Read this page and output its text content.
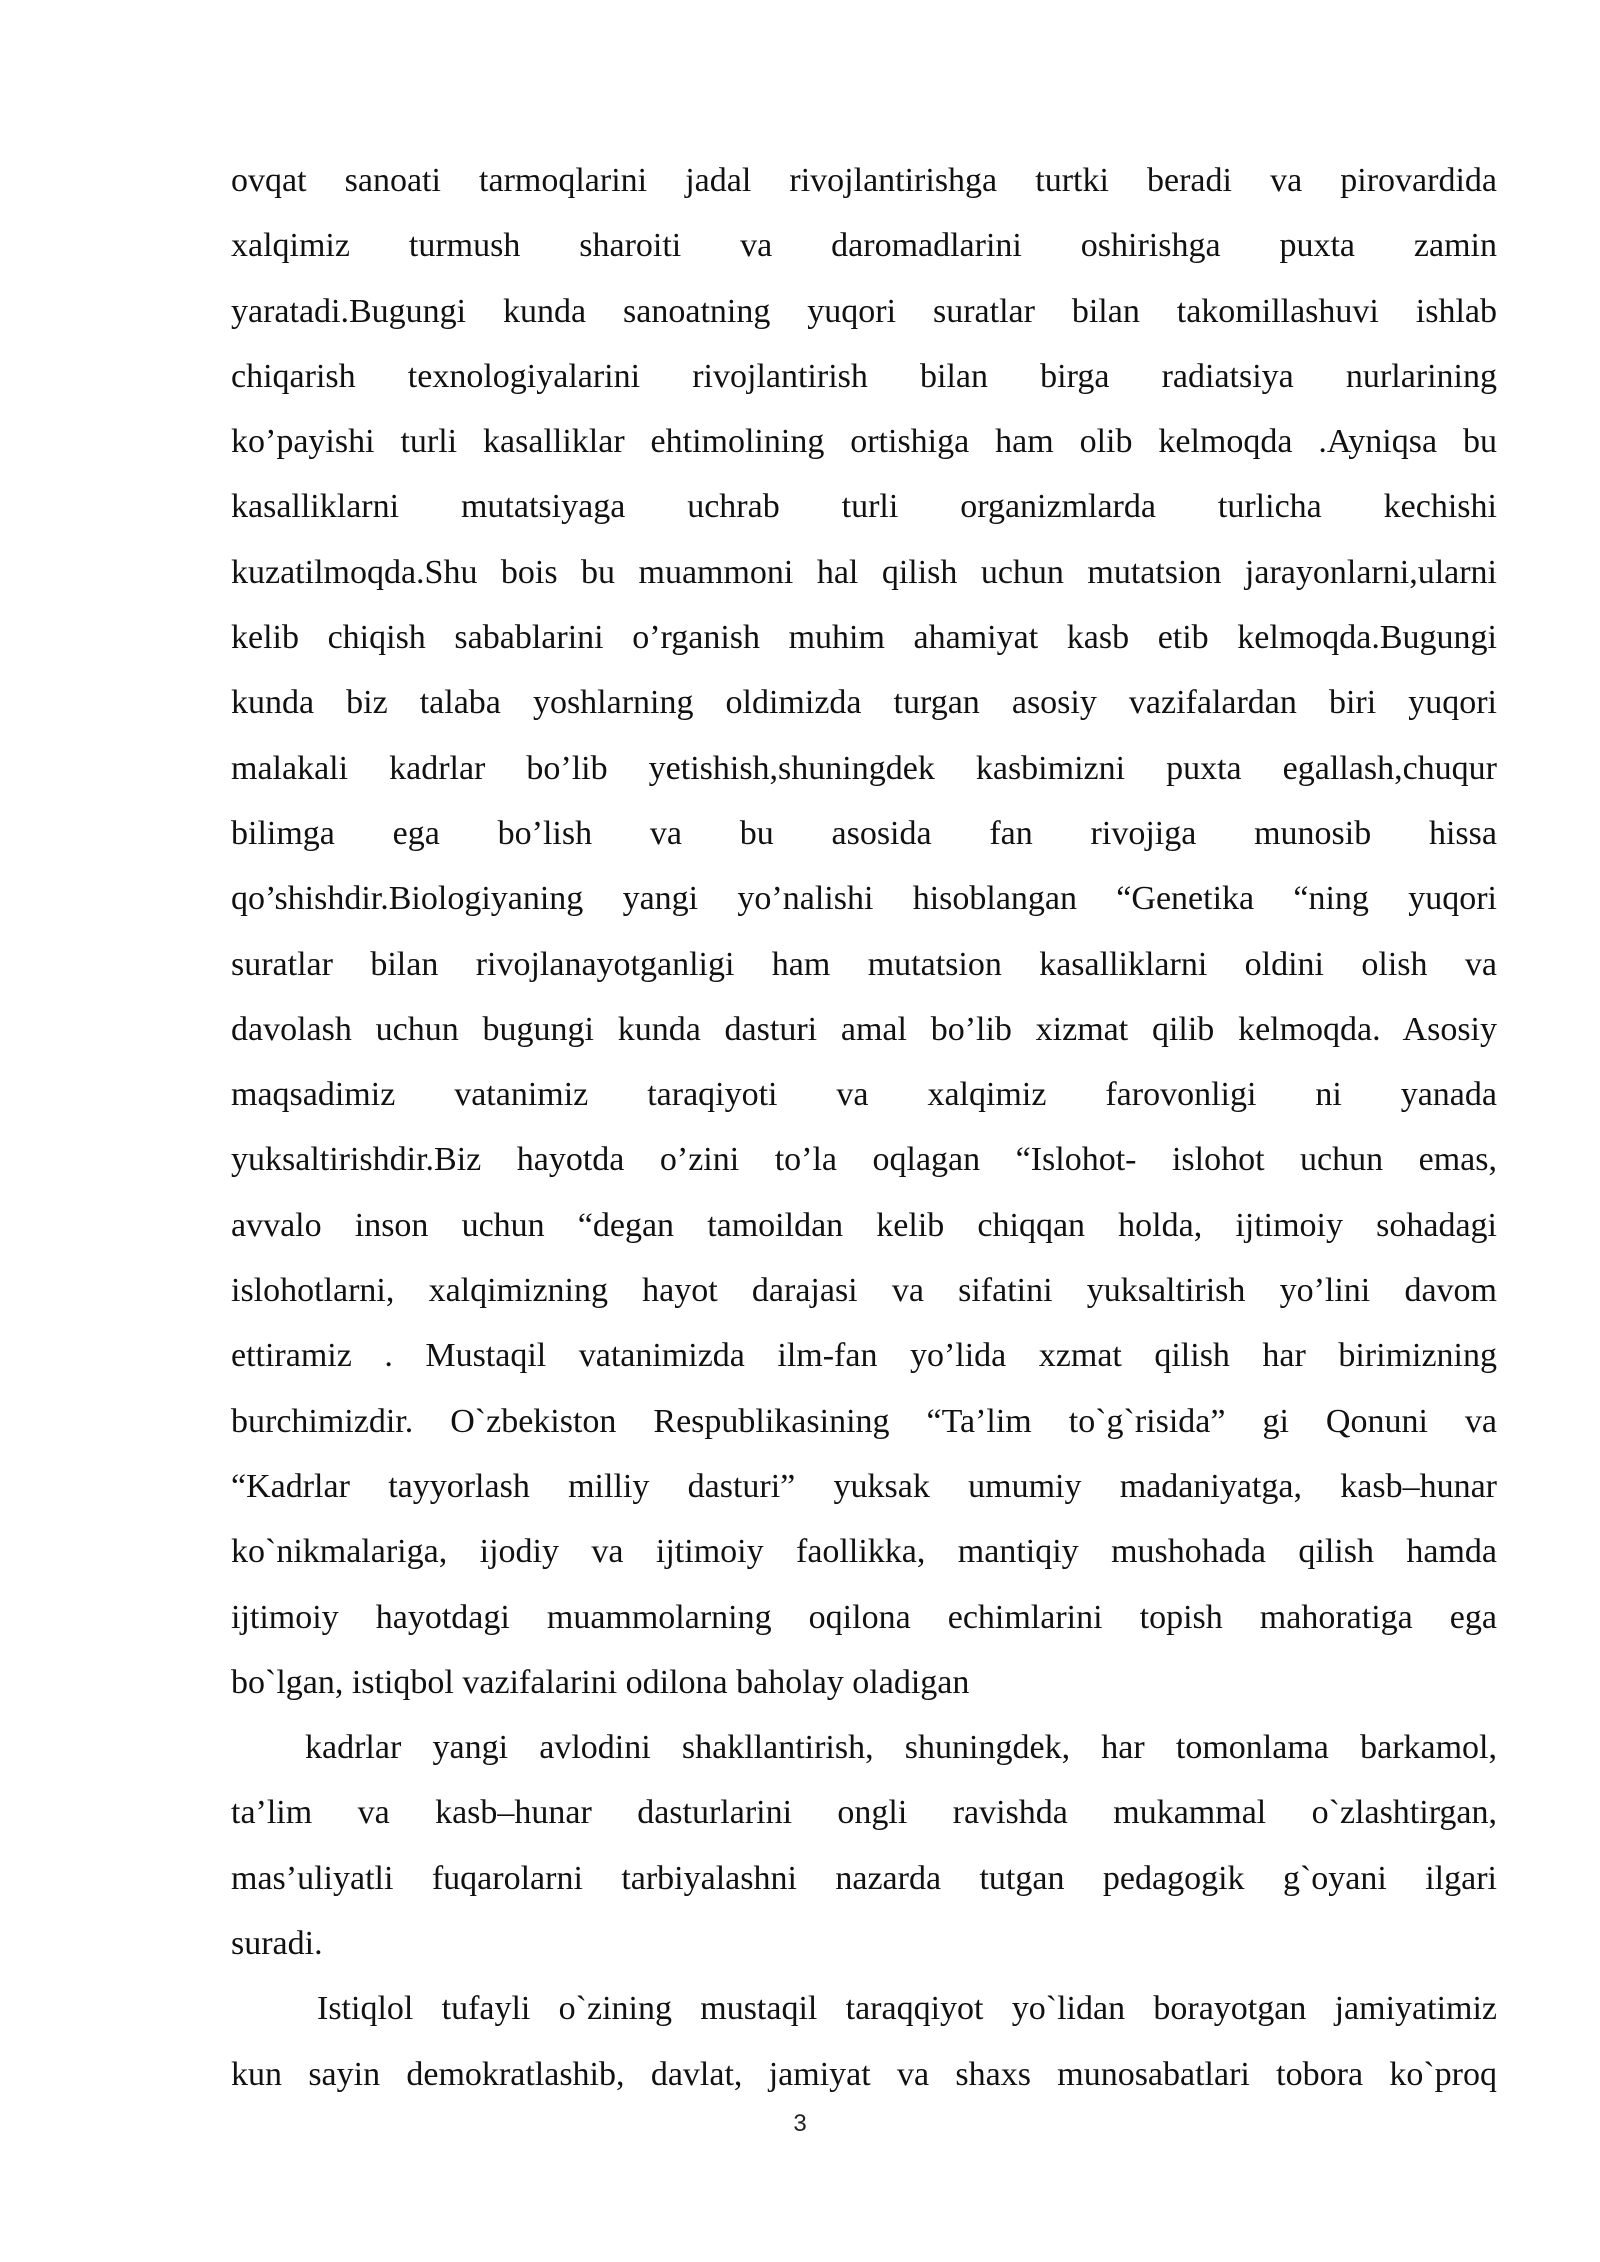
ovqat sanoati tarmoqlarini jadal rivojlantirishga turtki beradi va pirovardida
xalqimiz turmush sharoiti va daromadlarini oshirishga puxta zamin
yaratadi.Bugungi kunda sanoatning yuqori suratlar bilan takomillashuvi ishlab
chiqarish texnologiyalarini rivojlantirish bilan birga radiatsiya nurlarining
ko’payishi turli kasalliklar ehtimolining ortishiga ham olib kelmoqda .Ayniqsa bu
kasalliklarni mutatsiyaga uchrab turli organizmlarda turlicha kechishi
kuzatilmoqda.Shu bois bu muammoni hal qilish uchun mutatsion jarayonlarni,ularni
kelib chiqish sabablarini o’rganish muhim ahamiyat kasb etib kelmoqda.Bugungi
kunda biz talaba yoshlarning oldimizda turgan asosiy vazifalardan biri yuqori
malakali kadrlar bo’lib yetishish,shuningdek kasbimizni puxta egallash,chuqur
bilimga ega bo’lish va bu asosida fan rivojiga munosib hissa
qo’shishdir.Biologiyaning yangi yo’nalishi hisoblangan “Genetika “ning yuqori
suratlar bilan rivojlanayotganligi ham mutatsion kasalliklarni oldini olish va
davolash uchun bugungi kunda dasturi amal bo’lib xizmat qilib kelmoqda. Asosiy
maqsadimiz vatanimiz taraqiyoti va xalqimiz farovonligi ni yanada
yuksaltirishdir.Biz hayotda o’zini to’la oqlagan “Islohot- islohot uchun emas,
avvalo inson uchun “degan tamoildan kelib chiqqan holda, ijtimoiy sohadagi
islohotlarni, xalqimizning hayot darajasi va sifatini yuksaltirish yo’lini davom
ettiramiz . Mustaqil vatanimizda ilm-fan yo’lida xzmat qilish har birimizning
burchimizdir. O`zbekiston Respublikasining “Ta’lim to`g`risida” gi Qonuni va
“Kadrlar tayyorlash milliy dasturi” yuksak umumiy madaniyatga, kasb–hunar
ko`nikmalariga, ijodiy va ijtimoiy faollikka, mantiqiy mushohada qilish hamda
ijtimoiy hayotdagi muammolarning oqilona echimlarini topish mahoratiga ega
bo`lgan, istiqbol vazifalarini odilona baholay oladigan
kadrlar yangi avlodini shakllantirish, shuningdek, har tomonlama barkamol,
ta’lim va kasb–hunar dasturlarini ongli ravishda mukammal o`zlashtirgan,
mas’uliyatli fuqarolarni tarbiyalashni nazarda tutgan pedagogik g`oyani ilgari
suradi.
Istiqlol tufayli o`zining mustaqil taraqqiyot yo`lidan borayotgan jamiyatimiz
kun sayin demokratlashib, davlat, jamiyat va shaxs munosabatlari tobora ko`proq
3
